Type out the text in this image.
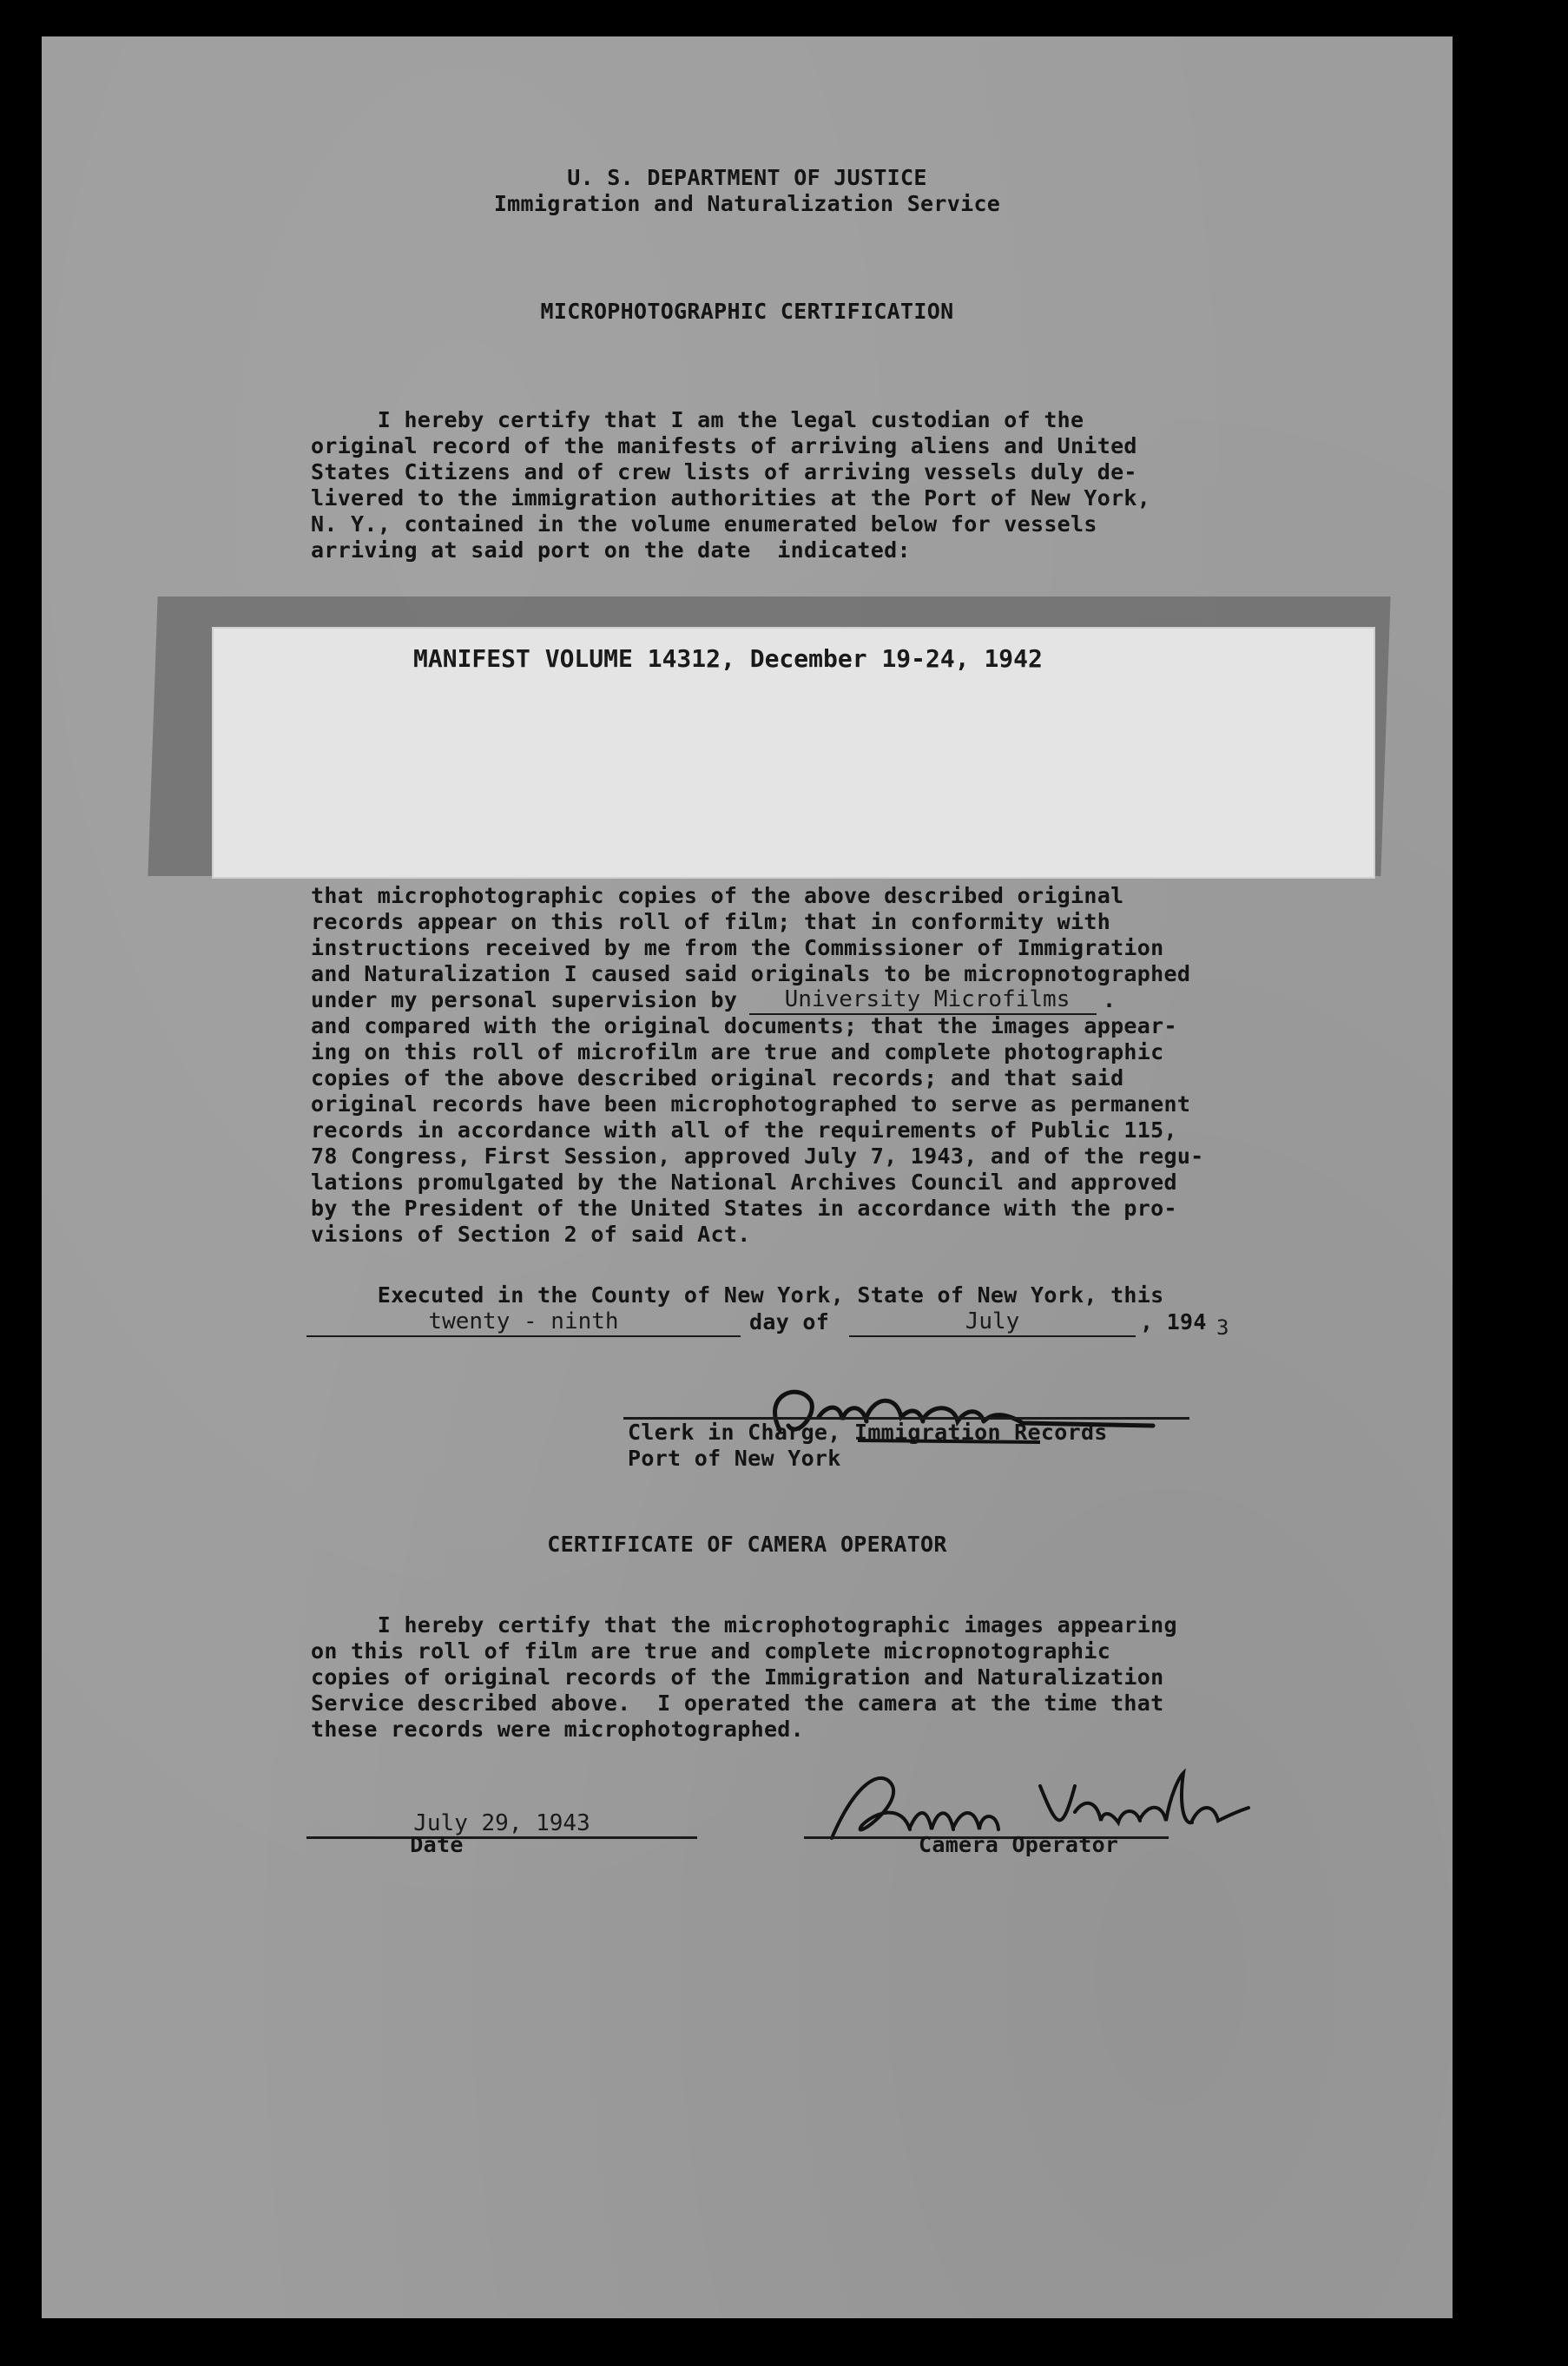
U. S. DEPARTMENT OF JUSTICE
Immigration and Naturalization Service
MICROPHOTOGRAPHIC CERTIFICATION
I hereby certify that I am the legal custodian of the
original record of the manifests of arriving aliens and United
States Citizens and of crew lists of arriving vessels duly de-
livered to the immigration authorities at the Port of New York,
N. Y., contained in the volume enumerated below for vessels
arriving at said port on the date  indicated:
MANIFEST VOLUME 14312, December 19-24, 1942
that microphotographic copies of the above described original
records appear on this roll of film; that in conformity with
instructions received by me from the Commissioner of Immigration
and Naturalization I caused said originals to be micropnotographed
under my personal supervision by	University Microfilms	.
and compared with the original documents; that the images appear-
ing on this roll of microfilm are true and complete photographic
copies of the above described original records; and that said
original records have been microphotographed to serve as permanent
records in accordance with all of the requirements of Public 115,
78 Congress, First Session, approved July 7, 1943, and of the regu-
lations promulgated by the National Archives Council and approved
by the President of the United States in accordance with the pro-
visions of Section 2 of said Act.
Executed in the County of New York, State of New York, this
twenty - ninth	day of	July	, 194 3
Clerk in Charge, Immigration Records
Port of New York
CERTIFICATE OF CAMERA OPERATOR
I hereby certify that the microphotographic images appearing
on this roll of film are true and complete micropnotographic
copies of original records of the Immigration and Naturalization
Service described above.  I operated the camera at the time that
these records were microphotographed.
July 29, 1943
Date	Camera Operator
